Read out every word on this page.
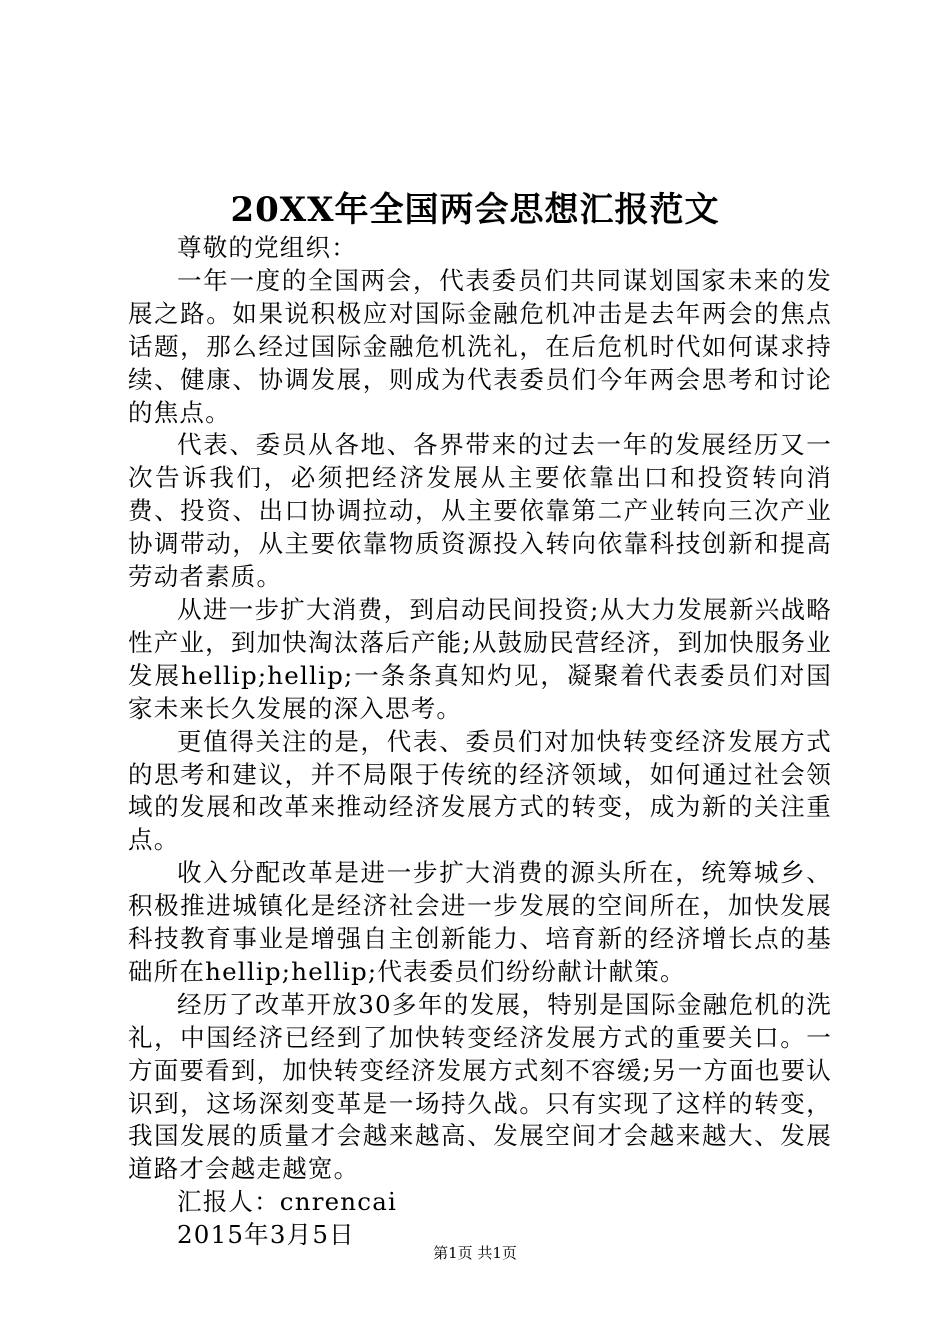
20XX年全国两会思想汇报范文

尊敬的党组织：

一年一度的全国两会，代表委员们共同谋划国家未来的发展之路。如果说积极应对国际金融危机冲击是去年两会的焦点话题，那么经过国际金融危机洗礼，在后危机时代如何谋求持续、健康、协调发展，则成为代表委员们今年两会思考和讨论的焦点。

代表、委员从各地、各界带来的过去一年的发展经历又一次告诉我们，必须把经济发展从主要依靠出口和投资转向消费、投资、出口协调拉动，从主要依靠第二产业转向三次产业协调带动，从主要依靠物质资源投入转向依靠科技创新和提高劳动者素质。

从进一步扩大消费，到启动民间投资;从大力发展新兴战略性产业，到加快淘汰落后产能;从鼓励民营经济，到加快服务业发展hellip;hellip;一条条真知灼见，凝聚着代表委员们对国家未来长久发展的深入思考。

更值得关注的是，代表、委员们对加快转变经济发展方式的思考和建议，并不局限于传统的经济领域，如何通过社会领域的发展和改革来推动经济发展方式的转变，成为新的关注重点。

收入分配改革是进一步扩大消费的源头所在，统筹城乡、积极推进城镇化是经济社会进一步发展的空间所在，加快发展科技教育事业是增强自主创新能力、培育新的经济增长点的基础所在hellip;hellip;代表委员们纷纷献计献策。

经历了改革开放30多年的发展，特别是国际金融危机的洗礼，中国经济已经到了加快转变经济发展方式的重要关口。一方面要看到，加快转变经济发展方式刻不容缓;另一方面也要认识到，这场深刻变革是一场持久战。只有实现了这样的转变，我国发展的质量才会越来越高、发展空间才会越来越大、发展道路才会越走越宽。

汇报人：cnrencai

2015年3月5日

第1页 共1页
